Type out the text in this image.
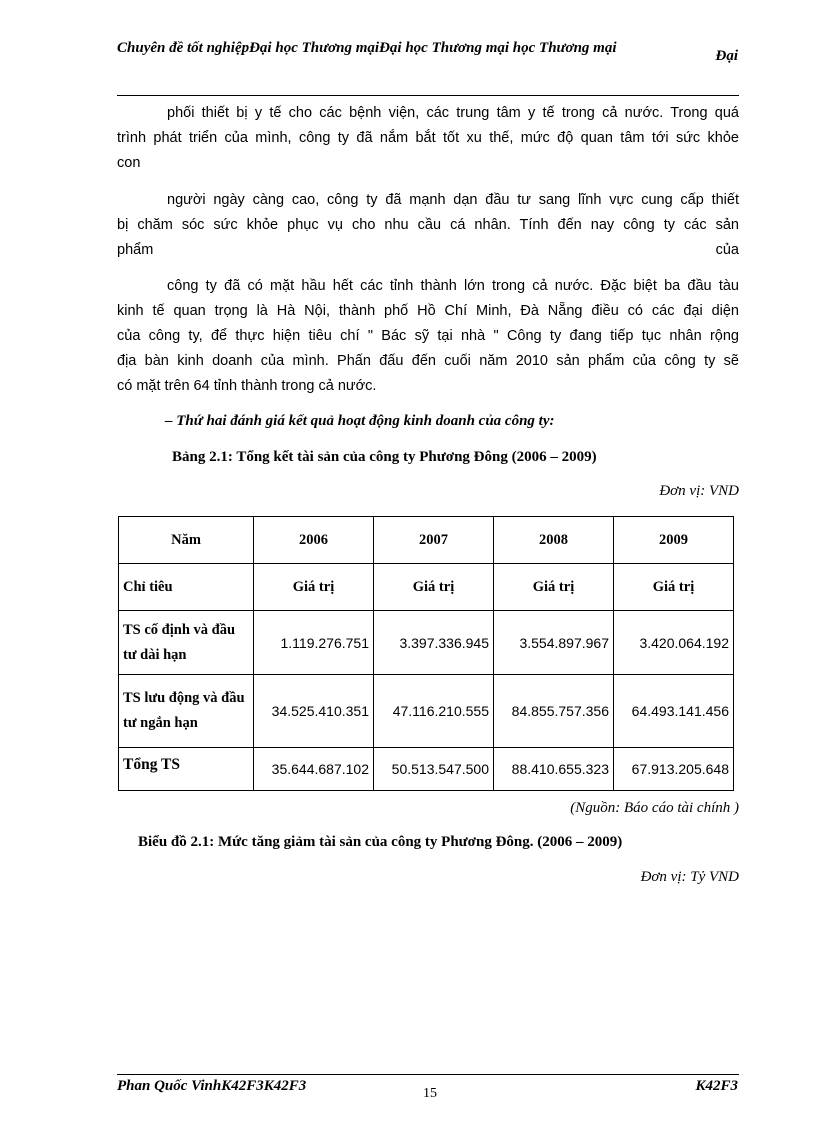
Chuyên đề tốt nghiệpĐại học Thương mạiĐại học Thương mại học Thương mại	Đại
phối thiết bị y tế cho các bệnh viện, các trung tâm y tế trong cả nước. Trong quá
trình phát triển của mình, công ty đã nắm bắt tốt xu thế, mức độ quan tâm tới sức khỏe
con
người ngày càng cao, công ty đã mạnh dạn đầu tư sang lĩnh vực cung cấp thiết
bị chăm sóc sức khỏe phục vụ cho nhu cầu cá nhân. Tính đến nay công ty các sản
phẩm                                                                                                            của
công ty đã có mặt hầu hết các tỉnh thành lớn trong cả nước. Đặc biệt ba đầu tàu
kinh tế quan trọng là Hà Nội, thành phố Hồ Chí Minh, Đà Nẵng điều có các đại diện
của công ty, để thực hiện tiêu chí " Bác sỹ tại nhà " Công ty đang tiếp tục nhân rộng
địa bàn kinh doanh của mình. Phấn đấu đến cuối năm 2010 sản phẩm của công ty sẽ
có mặt trên 64 tỉnh thành trong cả nước.
– Thứ hai đánh giá kết quả hoạt động kinh doanh của công ty:
Bảng 2.1: Tổng kết tài sản của công ty Phương Đông (2006 – 2009)
Đơn vị: VND
Năm	2006	2007	2008	2009
Chỉ tiêu	Giá trị	Giá trị	Giá trị	Giá trị
TS cố định và đầu tư dài hạn	1.119.276.751	3.397.336.945	3.554.897.967	3.420.064.192
TS lưu động và đầu tư ngắn hạn	34.525.410.351	47.116.210.555	84.855.757.356	64.493.141.456
Tổng TS	35.644.687.102	50.513.547.500	88.410.655.323	67.913.205.648
(Nguồn: Báo cáo tài chính )
Biểu đồ 2.1: Mức tăng giảm tài sản của công ty Phương Đông. (2006 – 2009)
Đơn vị: Tỷ VND
Phan Quốc VinhK42F3K42F3	15	K42F3
